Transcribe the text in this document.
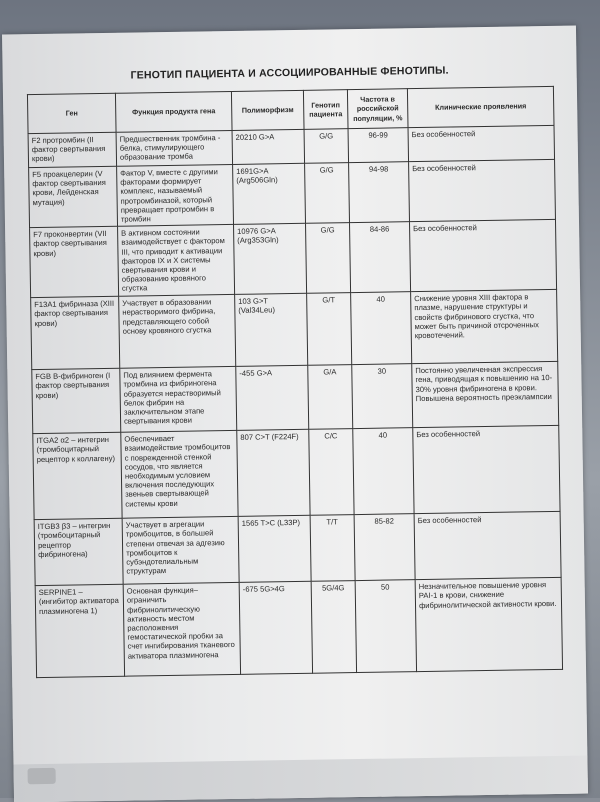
ГЕНОТИП ПАЦИЕНТА И АССОЦИИРОВАННЫЕ ФЕНОТИПЫ.
Ген	Функция продукта гена	Полиморфизм	Генотип пациента	Частота в российской популяции, %	Клинические проявления
F2 протромбин (II фактор свертывания крови)	Предшественник тромбина - белка, стимулирующего образование тромба	20210 G>A	G/G	96-99	Без особенностей
F5 проакцелерин (V фактор свертывания крови, Лейденская мутация)	Фактор V, вместе с другими факторами формирует комплекс, называемый протромбиназой, который превращает протромбин в тромбин	1691G>A (Arg506Gln)	G/G	94-98	Без особенностей
F7 проконвертин (VII фактор свертывания крови)	В активном состоянии взаимодействует с фактором III, что приводит к активации факторов IX и X системы свертывания крови и образованию кровяного сгустка	10976 G>A (Arg353Gln)	G/G	84-86	Без особенностей
F13A1 фибриназа (XIII фактор свертывания крови)	Участвует в образовании нерастворимого фибрина, представляющего собой основу кровяного сгустка	103 G>T (Val34Leu)	G/T	40	Снижение уровня XIII фактора в плазме, нарушение структуры и свойств фибринового сгустка, что может быть причиной отсроченных кровотечений.
FGB B-фибриноген (I фактор свертывания крови)	Под влиянием фермента тромбина из фибриногена образуется нерастворимый белок фибрин на заключительном этапе свертывания крови	-455 G>A	G/A	30	Постоянно увеличенная экспрессия гена, приводящая к повышению на 10-30% уровня фибриногена в крови. Повышена вероятность преэклампсии
ITGA2 α2 – интегрин (тромбоцитарный рецептор к коллагену)	Обеспечивает взаимодействие тромбоцитов с поврежденной стенкой сосудов, что является необходимым условием включения последующих звеньев свертывающей системы крови	807 C>T (F224F)	C/C	40	Без особенностей
ITGB3 β3 – интегрин (тромбоцитарный рецептор фибриногена)	Участвует в агрегации тромбоцитов, в большей степени отвечая за адгезию тромбоцитов к субэндотелиальным структурам	1565 T>C (L33P)	T/T	85-82	Без особенностей
SERPINE1 – (ингибитор активатора плазминогена 1)	Основная функция– ограничить фибринолитическую активность местом расположения гемостатической пробки за счет ингибирования тканевого активатора плазминогена	-675 5G>4G	5G/4G	50	Незначительное повышение уровня PAI-1 в крови, снижение фибринолитической активности крови.
